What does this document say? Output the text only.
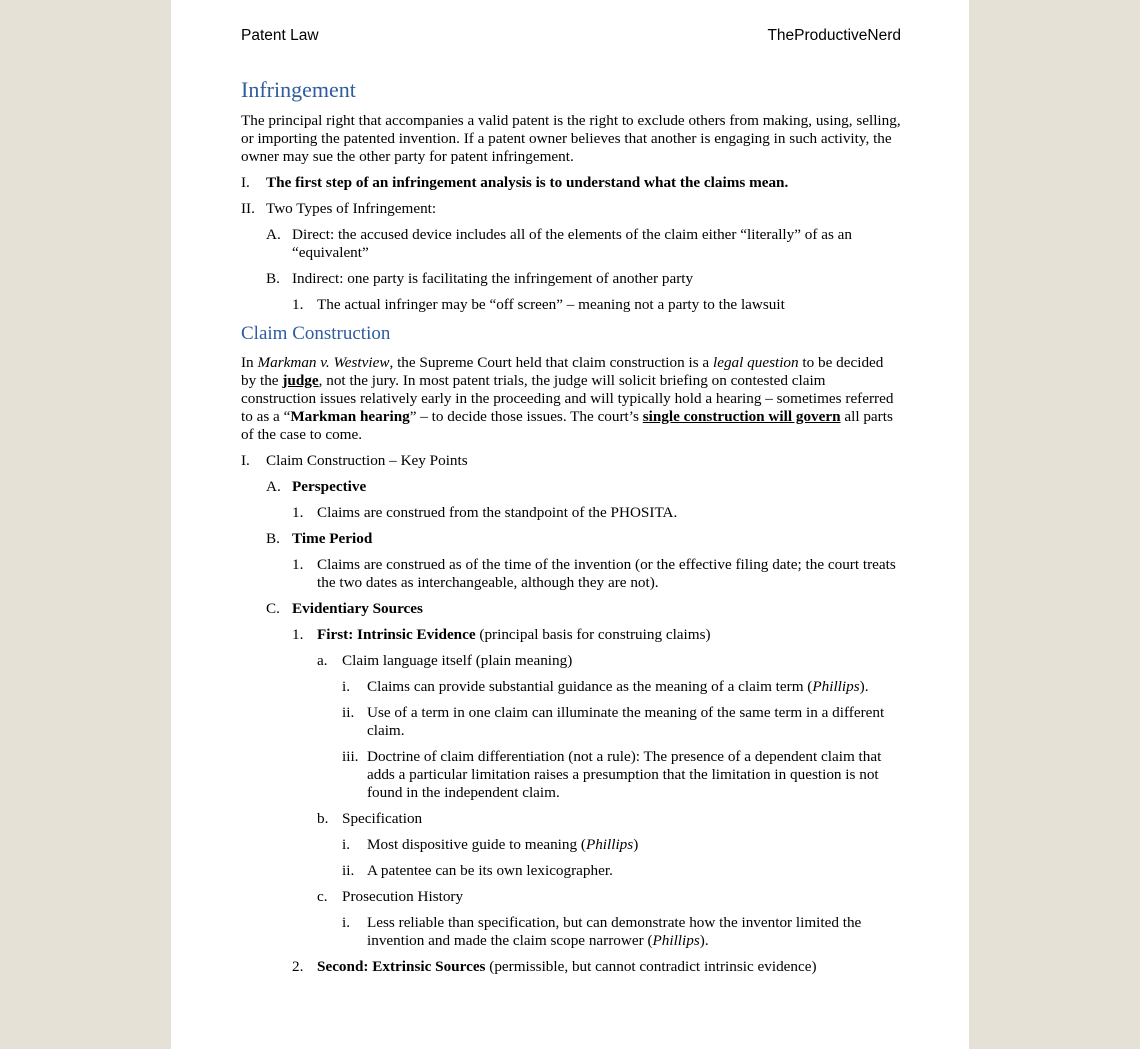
Patent Law	TheProductiveNerd
Infringement

The principal right that accompanies a valid patent is the right to exclude others from making, using, selling, or importing the patented invention. If a patent owner believes that another is engaging in such activity, the owner may sue the other party for patent infringement.

I.	The first step of an infringement analysis is to understand what the claims mean.
II. Two Types of Infringement:
A. Direct: the accused device includes all of the elements of the claim either “literally” of as an “equivalent”
B. Indirect: one party is facilitating the infringement of another party
1. The actual infringer may be “off screen” – meaning not a party to the lawsuit
Claim Construction

In Markman v. Westview, the Supreme Court held that claim construction is a legal question to be decided by the judge, not the jury. In most patent trials, the judge will solicit briefing on contested claim construction issues relatively early in the proceeding and will typically hold a hearing – sometimes referred to as a “Markman hearing” – to decide those issues. The court’s single construction will govern all parts of the case to come.

I.	Claim Construction – Key Points
A. Perspective
1. Claims are construed from the standpoint of the PHOSITA.
B. Time Period
1. Claims are construed as of the time of the invention (or the effective filing date; the court treats the two dates as interchangeable, although they are not).
C. Evidentiary Sources
1. First: Intrinsic Evidence (principal basis for construing claims)
a. Claim language itself (plain meaning)
i.	Claims can provide substantial guidance as the meaning of a claim term (Phillips).
ii. Use of a term in one claim can illuminate the meaning of the same term in a different claim.
iii. Doctrine of claim differentiation (not a rule): The presence of a dependent claim that adds a particular limitation raises a presumption that the limitation in question is not found in the independent claim.
b. Specification
i.	Most dispositive guide to meaning (Phillips)
ii. A patentee can be its own lexicographer.
c. Prosecution History
i.	Less reliable than specification, but can demonstrate how the inventor limited the invention and made the claim scope narrower (Phillips).
2. Second: Extrinsic Sources (permissible, but cannot contradict intrinsic evidence)
